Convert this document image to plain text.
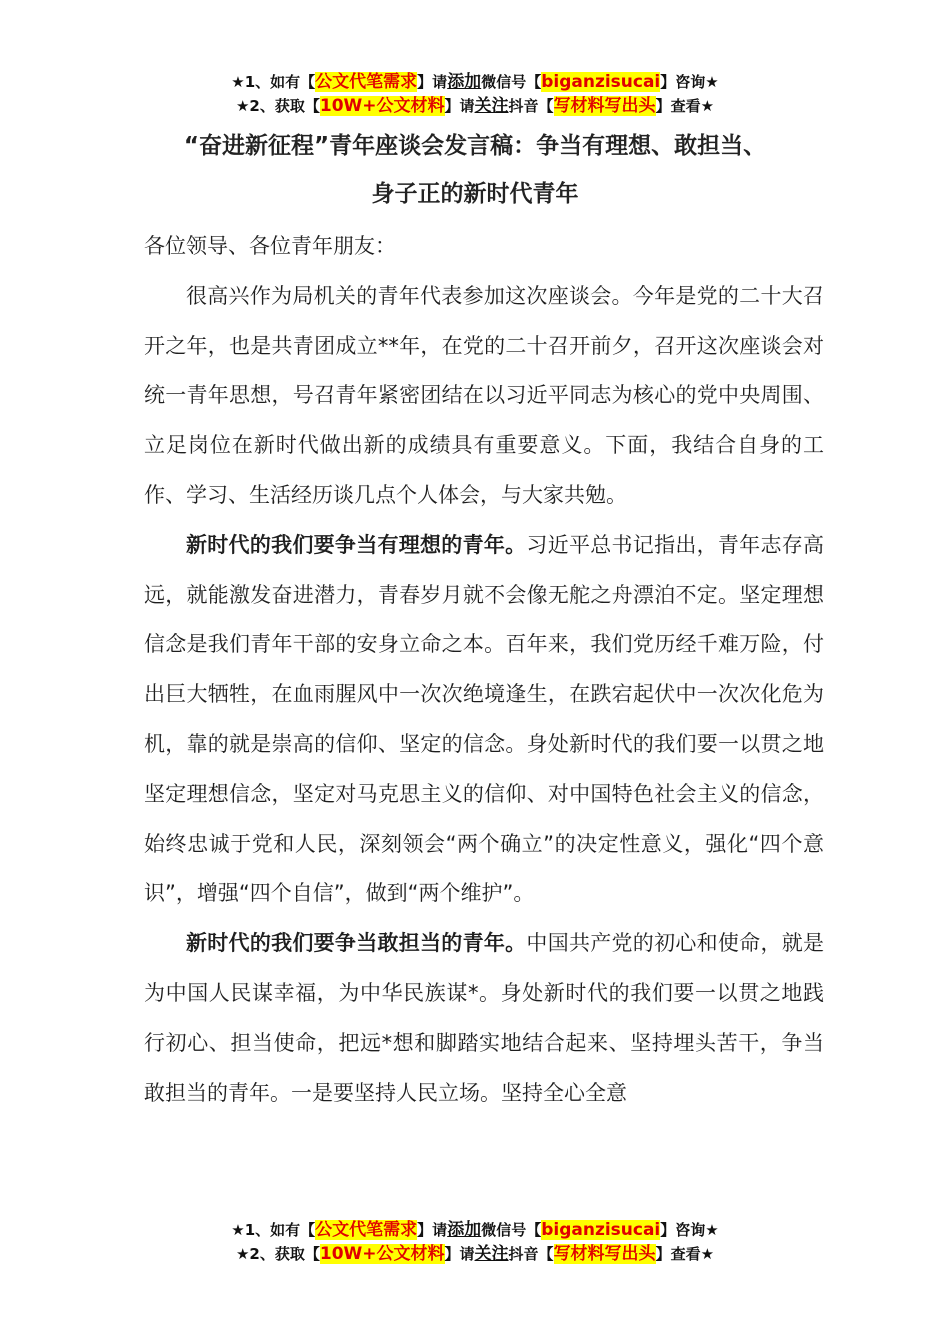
★1、如有【公文代笔需求】请添加微信号【biganzisucai】咨询★
★2、获取【10W+公文材料】请关注抖音【写材料写出头】查看★
“奋进新征程”青年座谈会发言稿：争当有理想、敢担当、
身子正的新时代青年

各位领导、各位青年朋友：

很高兴作为局机关的青年代表参加这次座谈会。今年是党的二十大召开之年，也是共青团成立**年，在党的二十召开前夕，召开这次座谈会对统一青年思想，号召青年紧密团结在以习近平同志为核心的党中央周围、立足岗位在新时代做出新的成绩具有重要意义。下面，我结合自身的工作、学习、生活经历谈几点个人体会，与大家共勉。

新时代的我们要争当有理想的青年。习近平总书记指出，青年志存高远，就能激发奋进潜力，青春岁月就不会像无舵之舟漂泊不定。坚定理想信念是我们青年干部的安身立命之本。百年来，我们党历经千难万险，付出巨大牺牲，在血雨腥风中一次次绝境逢生，在跌宕起伏中一次次化危为机，靠的就是崇高的信仰、坚定的信念。身处新时代的我们要一以贯之地坚定理想信念，坚定对马克思主义的信仰、对中国特色社会主义的信念，始终忠诚于党和人民，深刻领会“两个确立”的决定性意义，强化“四个意识”，增强“四个自信”，做到“两个维护”。

新时代的我们要争当敢担当的青年。中国共产党的初心和使命，就是为中国人民谋幸福，为中华民族谋*。身处新时代的我们要一以贯之地践行初心、担当使命，把远*想和脚踏实地结合起来、坚持埋头苦干，争当敢担当的青年。一是要坚持人民立场。坚持全心全意

★1、如有【公文代笔需求】请添加微信号【biganzisucai】咨询★
★2、获取【10W+公文材料】请关注抖音【写材料写出头】查看★
